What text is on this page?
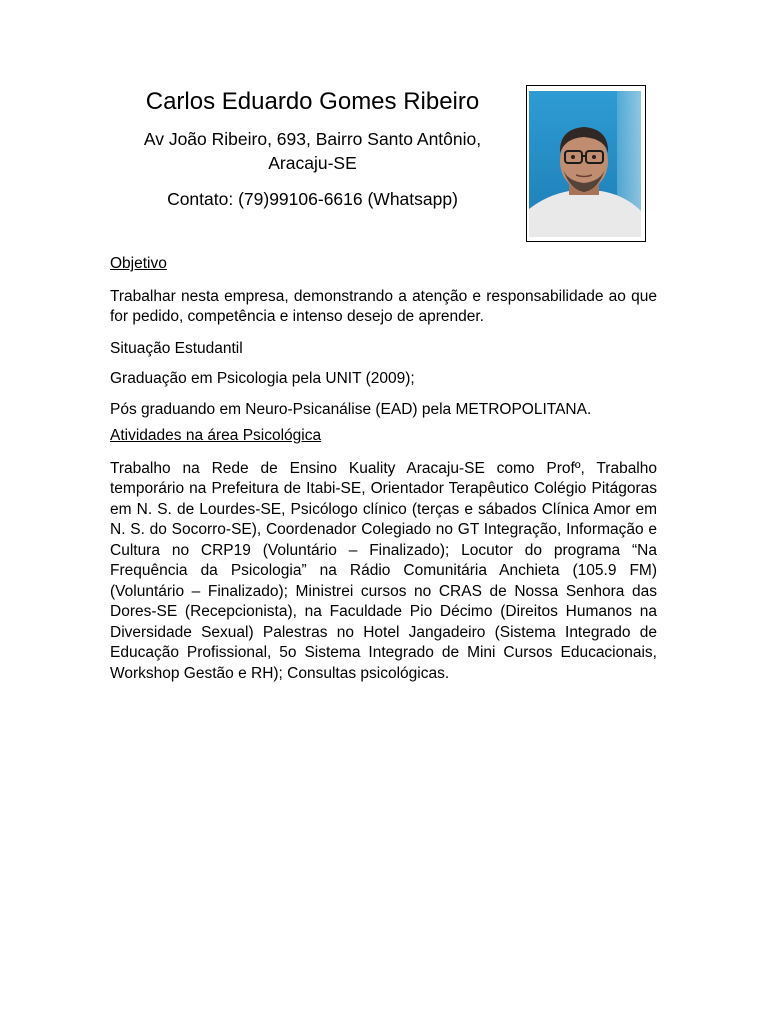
Carlos Eduardo Gomes Ribeiro
Av João Ribeiro, 693, Bairro Santo Antônio,
Aracaju-SE
Contato: (79)99106-6616 (Whatsapp)

Objetivo

Trabalhar nesta empresa, demonstrando a atenção e responsabilidade ao que for pedido, competência e intenso desejo de aprender.

Situação Estudantil

Graduação em Psicologia pela UNIT (2009);

Pós graduando em Neuro-Psicanálise (EAD) pela METROPOLITANA.

Atividades na área Psicológica

Trabalho na Rede de Ensino Kuality Aracaju-SE como Profº, Trabalho temporário na Prefeitura de Itabi-SE, Orientador Terapêutico Colégio Pitágoras em N. S. de Lourdes-SE, Psicólogo clínico (terças e sábados Clínica Amor em N. S. do Socorro-SE), Coordenador Colegiado no GT Integração, Informação e Cultura no CRP19 (Voluntário – Finalizado); Locutor do programa “Na Frequência da Psicologia” na Rádio Comunitária Anchieta (105.9 FM) (Voluntário – Finalizado); Ministrei cursos no CRAS de Nossa Senhora das Dores-SE (Recepcionista), na Faculdade Pio Décimo (Direitos Humanos na Diversidade Sexual) Palestras no Hotel Jangadeiro (Sistema Integrado de Educação Profissional, 5o Sistema Integrado de Mini Cursos Educacionais, Workshop Gestão e RH); Consultas psicológicas.
